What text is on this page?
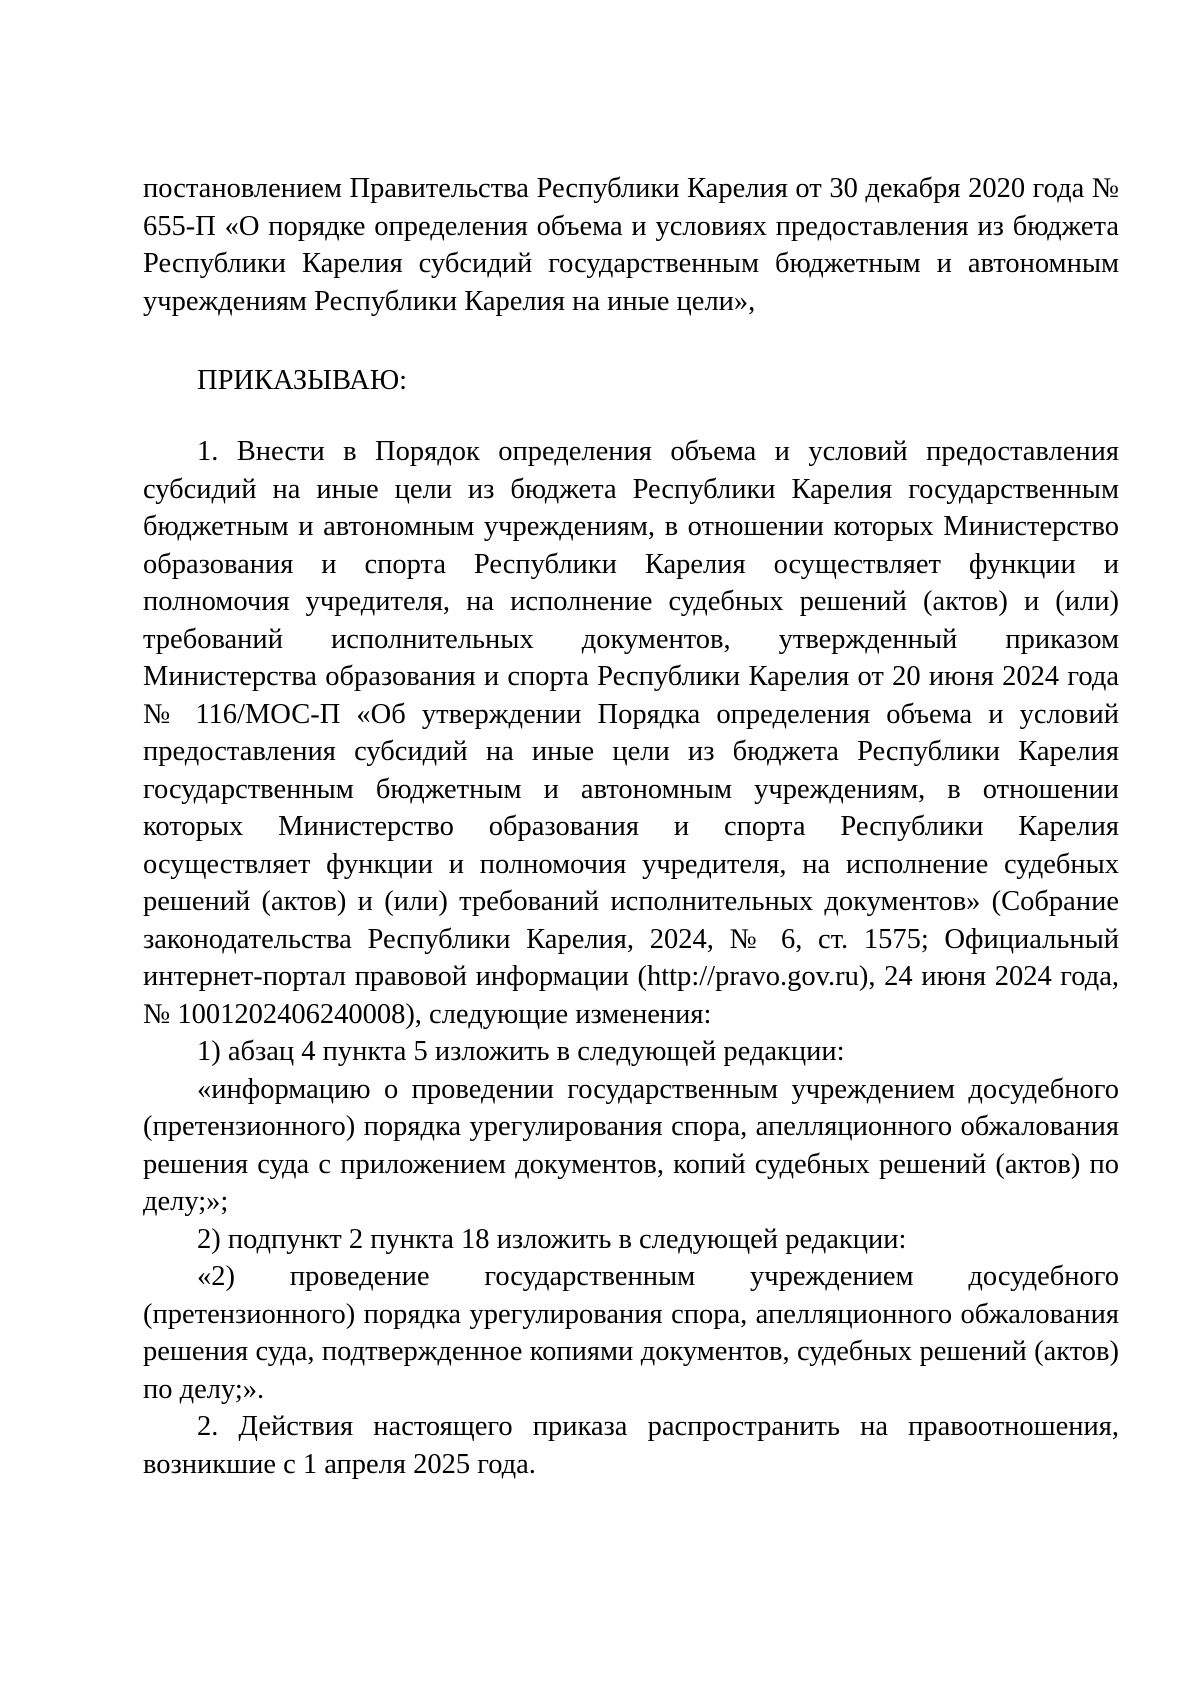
постановлением Правительства Республики Карелия от 30 декабря 2020 года № 655-П «О порядке определения объема и условиях предоставления из бюджета Республики Карелия субсидий государственным бюджетным и автономным учреждениям Республики Карелия на иные цели»,

ПРИКАЗЫВАЮ:

1. Внести в Порядок определения объема и условий предоставления субсидий на иные цели из бюджета Республики Карелия государственным бюджетным и автономным учреждениям, в отношении которых Министерство образования и спорта Республики Карелия осуществляет функции и полномочия учредителя, на исполнение судебных решений (актов) и (или) требований исполнительных документов, утвержденный приказом Министерства образования и спорта Республики Карелия от 20 июня 2024 года № 116/МОС-П «Об утверждении Порядка определения объема и условий предоставления субсидий на иные цели из бюджета Республики Карелия государственным бюджетным и автономным учреждениям, в отношении которых Министерство образования и спорта Республики Карелия осуществляет функции и полномочия учредителя, на исполнение судебных решений (актов) и (или) требований исполнительных документов» (Собрание законодательства Республики Карелия, 2024, № 6, ст. 1575; Официальный интернет-портал правовой информации (http://pravo.gov.ru), 24 июня 2024 года, № 1001202406240008), следующие изменения:

1) абзац 4 пункта 5 изложить в следующей редакции:

«информацию о проведении государственным учреждением досудебного (претензионного) порядка урегулирования спора, апелляционного обжалования решения суда с приложением документов, копий судебных решений (актов) по делу;»;

2) подпункт 2 пункта 18 изложить в следующей редакции:

«2) проведение государственным учреждением досудебного (претензионного) порядка урегулирования спора, апелляционного обжалования решения суда, подтвержденное копиями документов, судебных решений (актов) по делу;».

2. Действия настоящего приказа распространить на правоотношения, возникшие с 1 апреля 2025 года.
